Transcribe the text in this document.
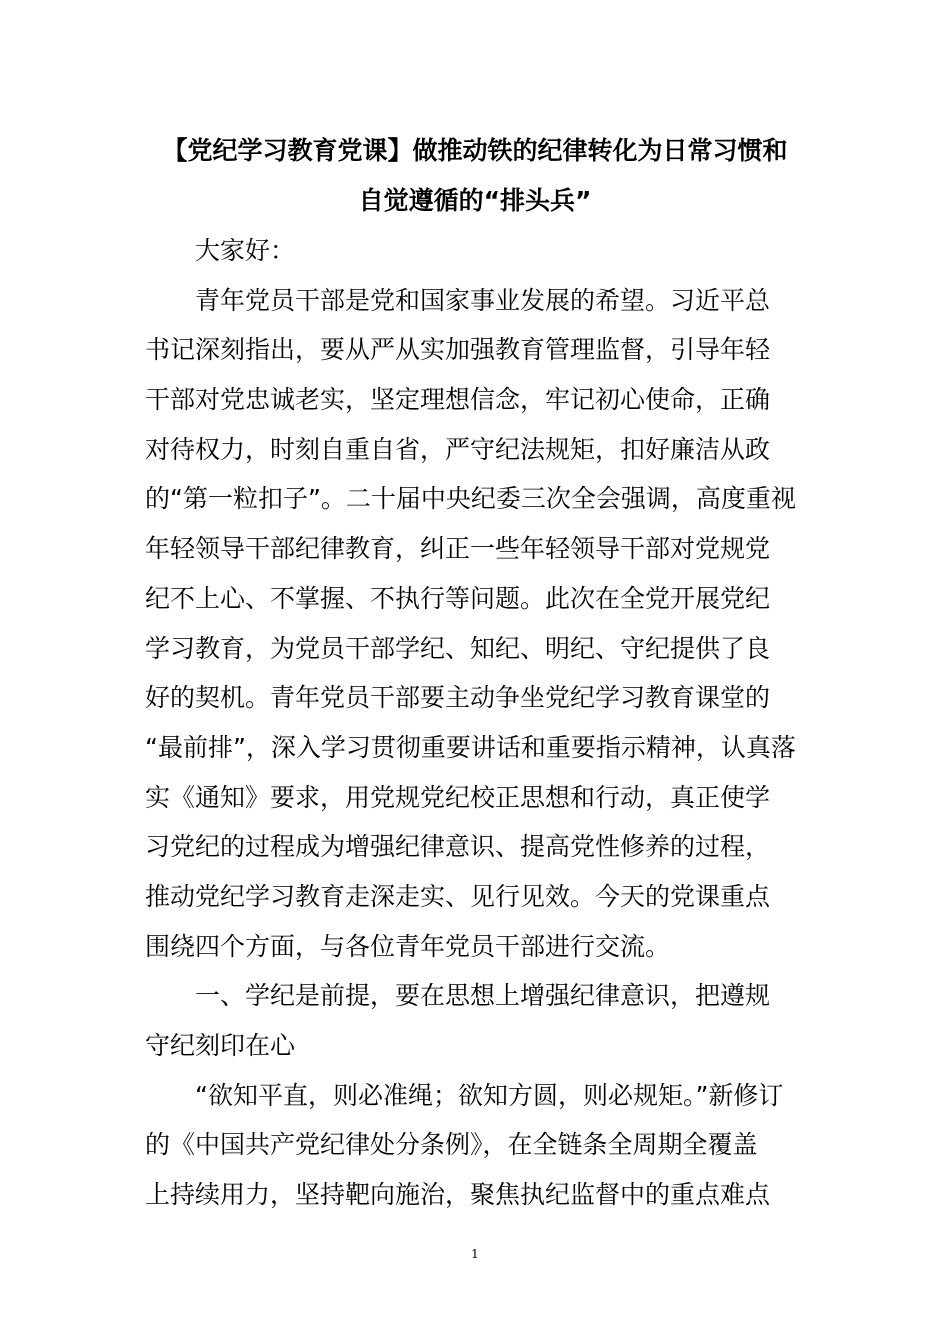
【党纪学习教育党课】做推动铁的纪律转化为日常习惯和
自觉遵循的“排头兵”
大家好：
青年党员干部是党和国家事业发展的希望。习近平总
书记深刻指出，要从严从实加强教育管理监督，引导年轻
干部对党忠诚老实，坚定理想信念，牢记初心使命，正确
对待权力，时刻自重自省，严守纪法规矩，扣好廉洁从政
的“第一粒扣子”。二十届中央纪委三次全会强调，高度重视
年轻领导干部纪律教育，纠正一些年轻领导干部对党规党
纪不上心、不掌握、不执行等问题。此次在全党开展党纪
学习教育，为党员干部学纪、知纪、明纪、守纪提供了良
好的契机。青年党员干部要主动争坐党纪学习教育课堂的
“最前排”，深入学习贯彻重要讲话和重要指示精神，认真落
实《通知》要求，用党规党纪校正思想和行动，真正使学
习党纪的过程成为增强纪律意识、提高党性修养的过程，
推动党纪学习教育走深走实、见行见效。今天的党课重点
围绕四个方面，与各位青年党员干部进行交流。
一、学纪是前提，要在思想上增强纪律意识，把遵规
守纪刻印在心
“欲知平直，则必准绳；欲知方圆，则必规矩。”新修订
的《中国共产党纪律处分条例》，在全链条全周期全覆盖
上持续用力，坚持靶向施治，聚焦执纪监督中的重点难点
1
